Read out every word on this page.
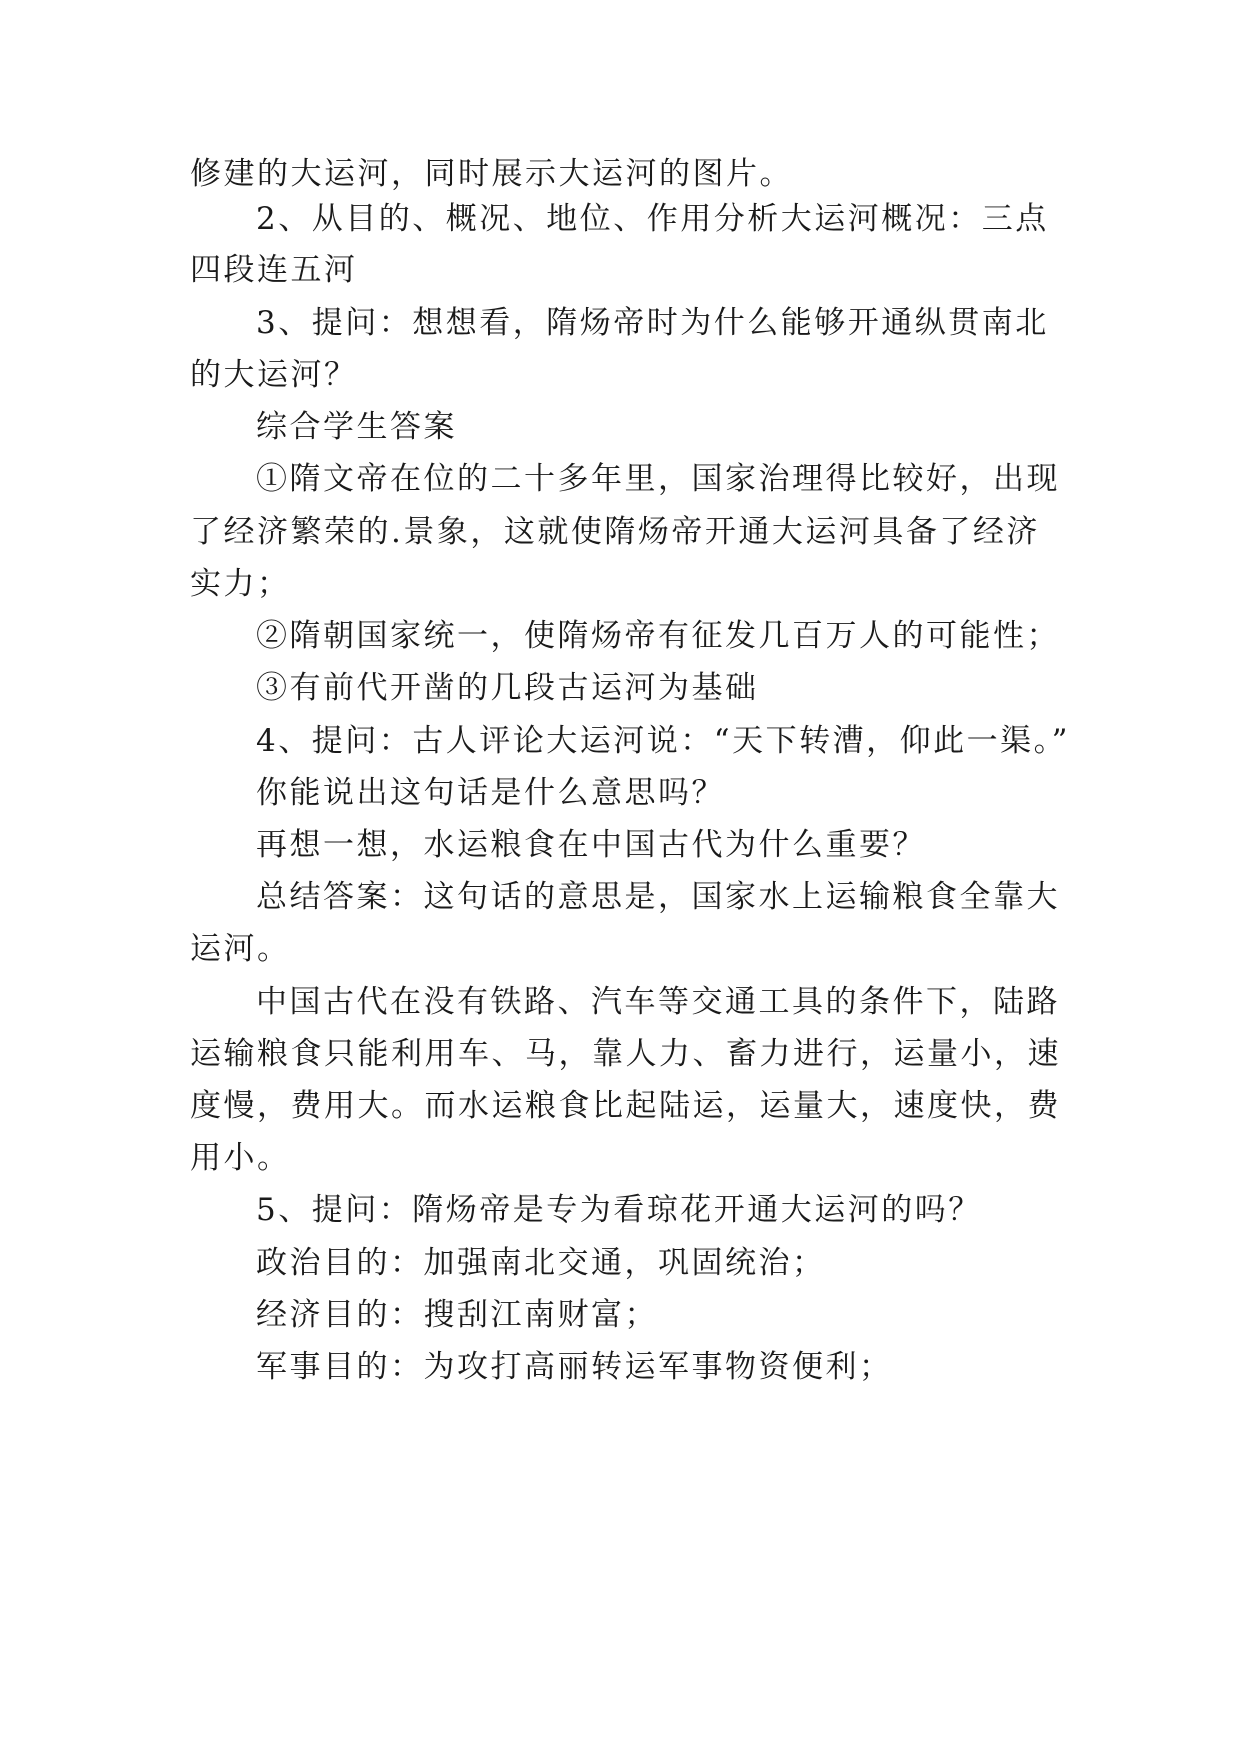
修建的大运河，同时展示大运河的图片。
2、从目的、概况、地位、作用分析大运河概况：三点
四段连五河
3、提问：想想看，隋炀帝时为什么能够开通纵贯南北
的大运河？
综合学生答案
①隋文帝在位的二十多年里，国家治理得比较好，出现
了经济繁荣的.景象，这就使隋炀帝开通大运河具备了经济
实力；
②隋朝国家统一，使隋炀帝有征发几百万人的可能性；
③有前代开凿的几段古运河为基础
4、提问：古人评论大运河说：“天下转漕，仰此一渠。”
你能说出这句话是什么意思吗？
再想一想，水运粮食在中国古代为什么重要？
总结答案：这句话的意思是，国家水上运输粮食全靠大
运河。
中国古代在没有铁路、汽车等交通工具的条件下，陆路
运输粮食只能利用车、马，靠人力、畜力进行，运量小，速
度慢，费用大。而水运粮食比起陆运，运量大，速度快，费
用小。
5、提问：隋炀帝是专为看琼花开通大运河的吗？
政治目的：加强南北交通，巩固统治；
经济目的：搜刮江南财富；
军事目的：为攻打高丽转运军事物资便利；
